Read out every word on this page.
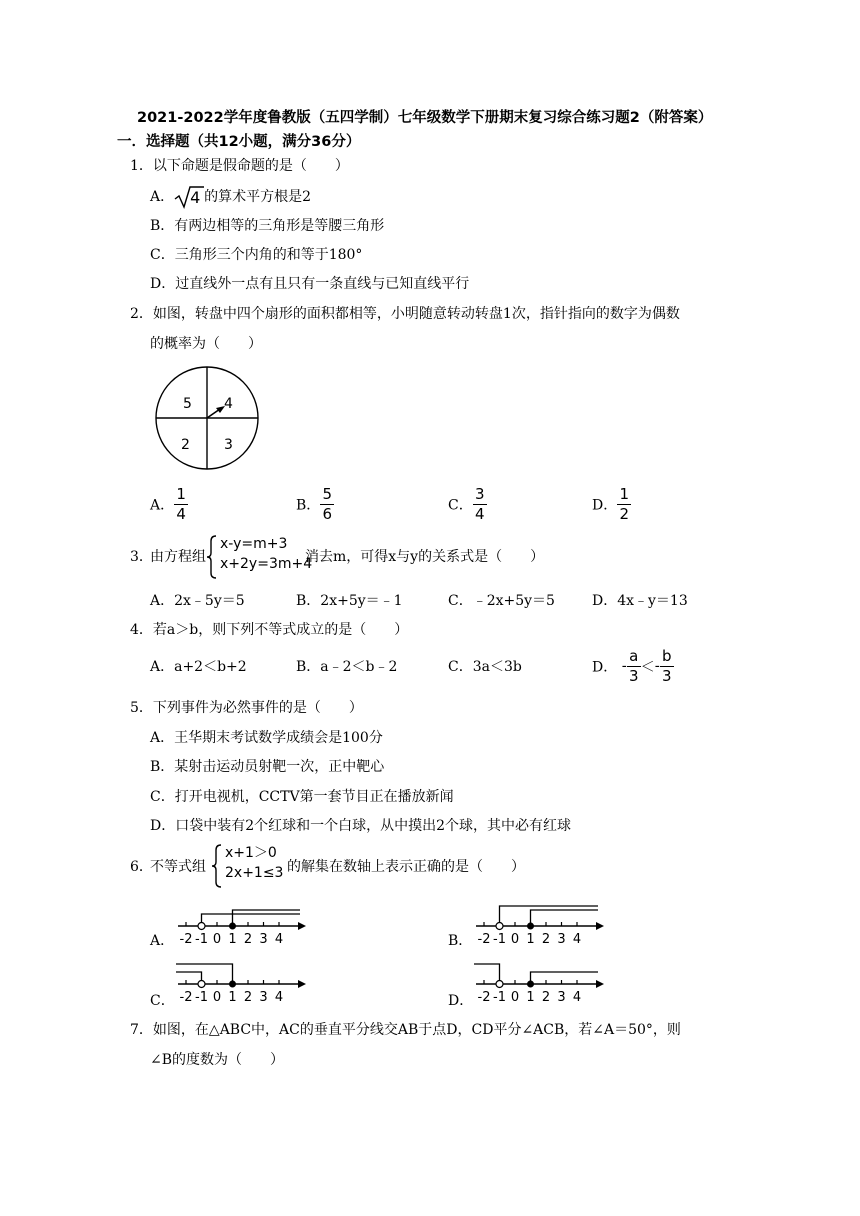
2021-2022学年度鲁教版（五四学制）七年级数学下册期末复习综合练习题2（附答案）
一．选择题（共12小题，满分36分）
1．以下命题是假命题的是（　　）
A． 4 的算术平方根是2
B．有两边相等的三角形是等腰三角形
C．三角形三个内角的和等于180°
D．过直线外一点有且只有一条直线与已知直线平行
2．如图，转盘中四个扇形的面积都相等，小明随意转动转盘1次，指针指向的数字为偶数
的概率为（　　）
5 4
2 3
A． $\frac{1}{4}$	B． $\frac{5}{6}$	C． $\frac{3}{4}$	D． $\frac{1}{2}$
3．
由方程组
x-y=m+3
x+2y=3m+4
消去m，可得x与y的关系式是（　　）
A．2x﹣5y＝5	B．2x+5y＝﹣1	C．﹣2x+5y＝5	D．4x﹣y＝13
4．若a＞b，则下列不等式成立的是（　　）
A．a+2＜b+2	B．a﹣2＜b﹣2	C．3a＜3b	D． - $\frac{a}{3} <- \frac{b}{3}$
5．下列事件为必然事件的是（　　）
A．王华期末考试数学成绩会是100分
B．某射击运动员射靶一次，正中靶心
C．打开电视机，CCTV第一套节目正在播放新闻
D．口袋中装有2个红球和一个白球，从中摸出2个球，其中必有红球
6．
不等式组
x+1＞0
2x+1≤3 的解集在数轴上表示正确的是（　　）
A．	B．
C．	D．
-2 -1 0 1 2 3 4	-2 -1 0 1 2 3 4
-2 -1 0 1 2 3 4	-2 -1 0 1 2 3 4
7．如图，在△ABC中，AC的垂直平分线交AB于点D，CD平分∠ACB，若∠A＝50°，则
∠B的度数为（　　）
